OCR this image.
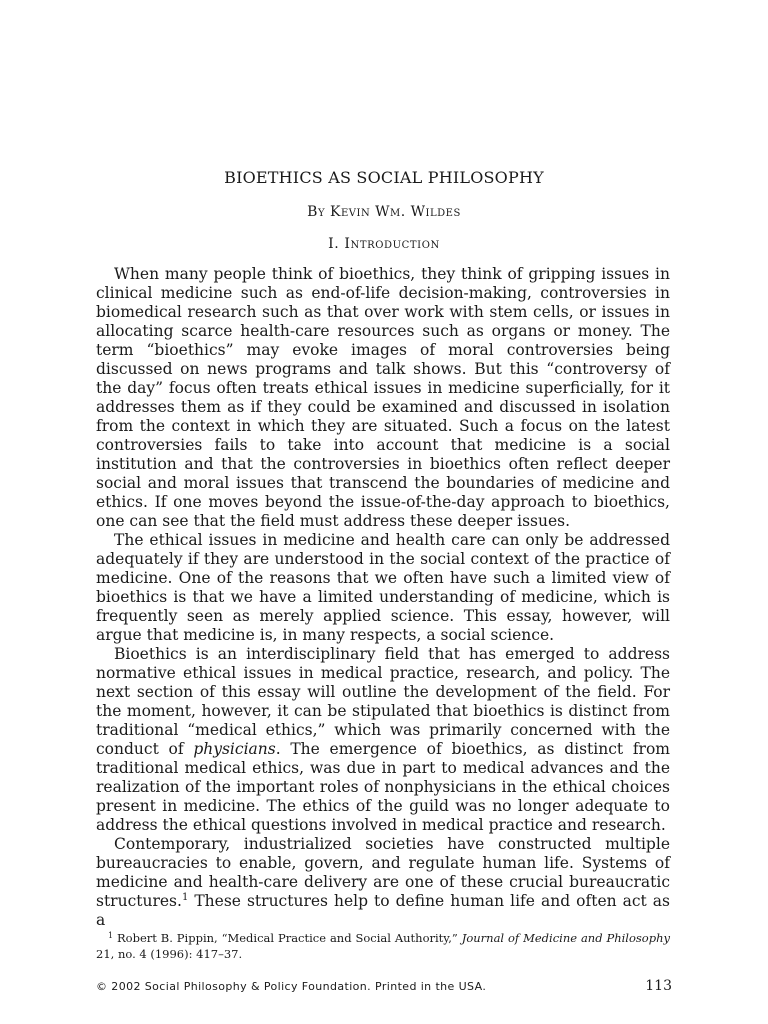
BIOETHICS AS SOCIAL PHILOSOPHY
By Kevin Wm. Wildes
I. Introduction

When many people think of bioethics, they think of gripping issues in clinical medicine such as end-of-life decision-making, controversies in biomedical research such as that over work with stem cells, or issues in allocating scarce health-care resources such as organs or money. The term “bioethics” may evoke images of moral controversies being discussed on news programs and talk shows. But this “controversy of the day” focus often treats ethical issues in medicine superficially, for it addresses them as if they could be examined and discussed in isolation from the context in which they are situated. Such a focus on the latest controversies fails to take into account that medicine is a social institution and that the controversies in bioethics often reflect deeper social and moral issues that transcend the boundaries of medicine and ethics. If one moves beyond the issue-of-the-day approach to bioethics, one can see that the field must address these deeper issues.

The ethical issues in medicine and health care can only be addressed adequately if they are understood in the social context of the practice of medicine. One of the reasons that we often have such a limited view of bioethics is that we have a limited understanding of medicine, which is frequently seen as merely applied science. This essay, however, will argue that medicine is, in many respects, a social science.

Bioethics is an interdisciplinary field that has emerged to address normative ethical issues in medical practice, research, and policy. The next section of this essay will outline the development of the field. For the moment, however, it can be stipulated that bioethics is distinct from traditional “medical ethics,” which was primarily concerned with the conduct of physicians. The emergence of bioethics, as distinct from traditional medical ethics, was due in part to medical advances and the realization of the important roles of nonphysicians in the ethical choices present in medicine. The ethics of the guild was no longer adequate to address the ethical questions involved in medical practice and research.

Contemporary, industrialized societies have constructed multiple bureaucracies to enable, govern, and regulate human life. Systems of medicine and health-care delivery are one of these crucial bureaucratic structures.$^1$ These structures help to define human life and often act as a

$^1$ Robert B. Pippin, “Medical Practice and Social Authority,” Journal of Medicine and Philosophy 21, no. 4 (1996): 417–37.
© 2002 Social Philosophy & Policy Foundation. Printed in the USA.	113
